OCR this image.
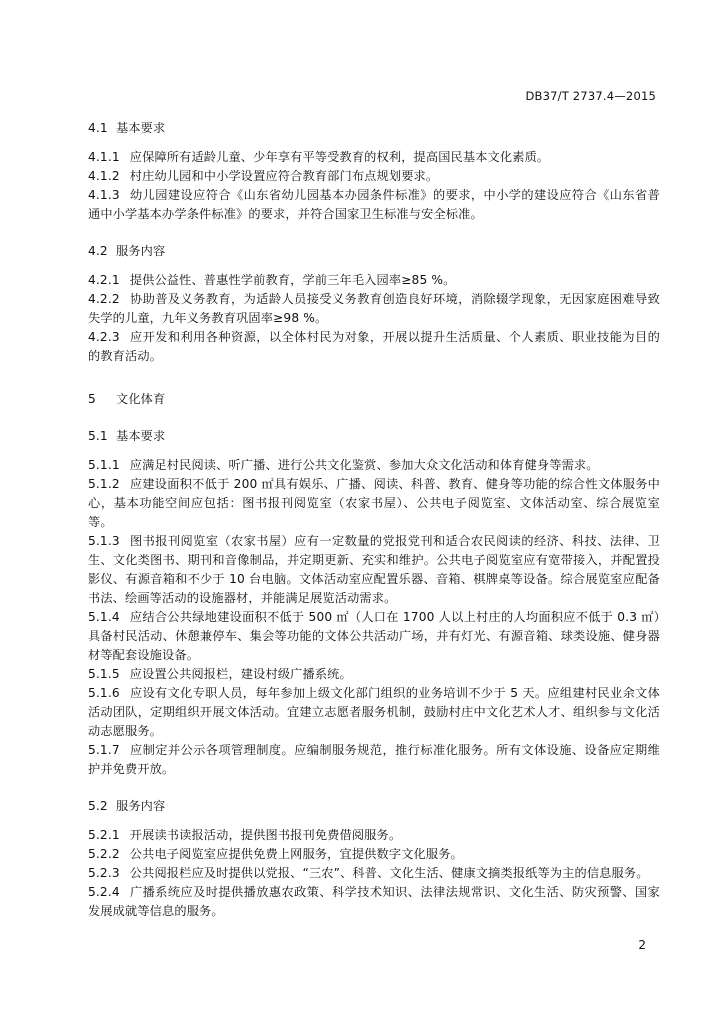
DB37/T 2737.4—2015
4.1 基本要求

4.1.1 应保障所有适龄儿童、少年享有平等受教育的权利，提高国民基本文化素质。

4.1.2 村庄幼儿园和中小学设置应符合教育部门布点规划要求。

4.1.3 幼儿园建设应符合《山东省幼儿园基本办园条件标准》的要求，中小学的建设应符合《山东省普通中小学基本办学条件标准》的要求，并符合国家卫生标准与安全标准。

4.2 服务内容

4.2.1 提供公益性、普惠性学前教育，学前三年毛入园率≥85 %。

4.2.2 协助普及义务教育，为适龄人员接受义务教育创造良好环境，消除辍学现象，无因家庭困难导致失学的儿童，九年义务教育巩固率≥98 %。

4.2.3 应开发和利用各种资源，以全体村民为对象，开展以提升生活质量、个人素质、职业技能为目的的教育活动。

5 文化体育
5.1 基本要求

5.1.1 应满足村民阅读、听广播、进行公共文化鉴赏、参加大众文化活动和体育健身等需求。

5.1.2 应建设面积不低于 200 ㎡具有娱乐、广播、阅读、科普、教育、健身等功能的综合性文体服务中心，基本功能空间应包括：图书报刊阅览室（农家书屋）、公共电子阅览室、文体活动室、综合展览室等。

5.1.3 图书报刊阅览室（农家书屋）应有一定数量的党报党刊和适合农民阅读的经济、科技、法律、卫生、文化类图书、期刊和音像制品，并定期更新、充实和维护。公共电子阅览室应有宽带接入，并配置投影仪、有源音箱和不少于 10 台电脑。文体活动室应配置乐器、音箱、棋牌桌等设备。综合展览室应配备书法、绘画等活动的设施器材，并能满足展览活动需求。

5.1.4 应结合公共绿地建设面积不低于 500 ㎡（人口在 1700 人以上村庄的人均面积应不低于 0.3 ㎡）具备村民活动、休憩兼停车、集会等功能的文体公共活动广场，并有灯光、有源音箱、球类设施、健身器材等配套设施设备。

5.1.5 应设置公共阅报栏，建设村级广播系统。

5.1.6 应设有文化专职人员，每年参加上级文化部门组织的业务培训不少于 5 天。应组建村民业余文体活动团队，定期组织开展文体活动。宜建立志愿者服务机制，鼓励村庄中文化艺术人才、组织参与文化活动志愿服务。

5.1.7 应制定并公示各项管理制度。应编制服务规范，推行标准化服务。所有文体设施、设备应定期维护并免费开放。

5.2 服务内容

5.2.1 开展读书读报活动，提供图书报刊免费借阅服务。

5.2.2 公共电子阅览室应提供免费上网服务，宜提供数字文化服务。

5.2.3 公共阅报栏应及时提供以党报、“三农”、科普、文化生活、健康文摘类报纸等为主的信息服务。

5.2.4 广播系统应及时提供播放惠农政策、科学技术知识、法律法规常识、文化生活、防灾预警、国家发展成就等信息的服务。

2
